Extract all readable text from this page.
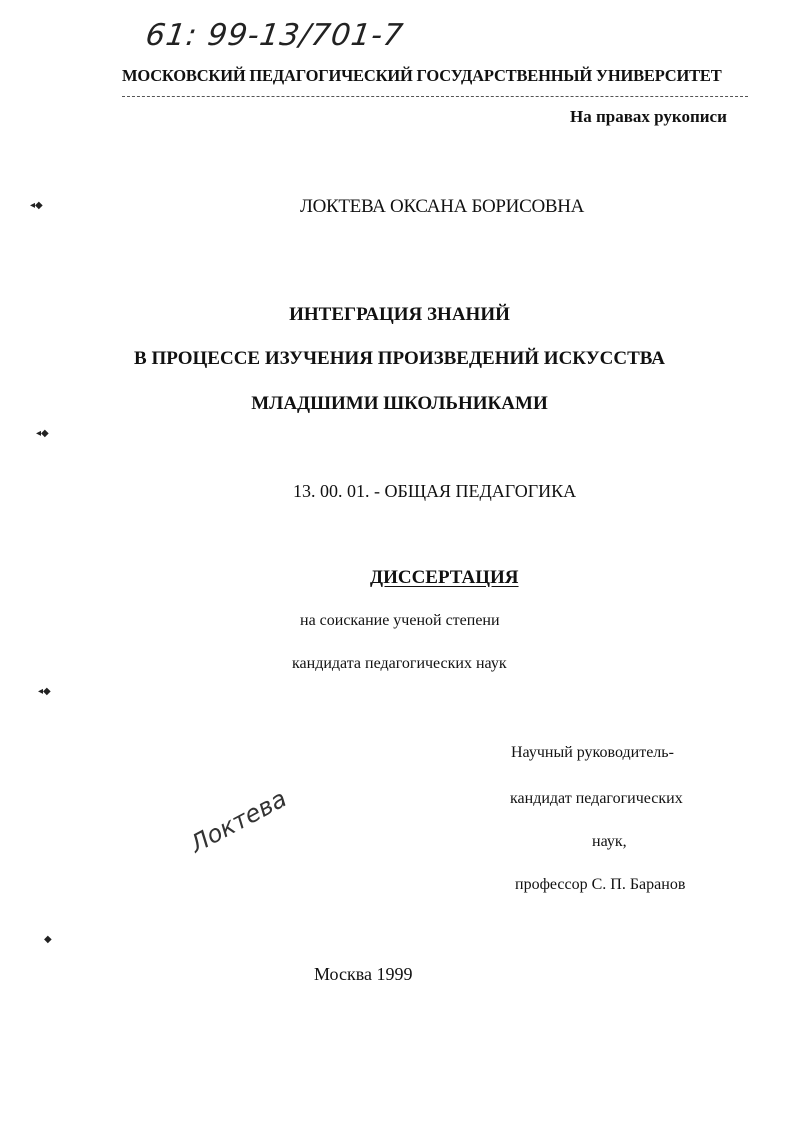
61: 99-13/701-7
МОСКОВСКИЙ ПЕДАГОГИЧЕСКИЙ ГОСУДАРСТВЕННЫЙ УНИВЕРСИТЕТ
На правах рукописи
◂◆
◂◆
◂◆
◆
ЛОКТЕВА ОКСАНА БОРИСОВНА
ИНТЕГРАЦИЯ ЗНАНИЙ
В ПРОЦЕССЕ ИЗУЧЕНИЯ ПРОИЗВЕДЕНИЙ ИСКУССТВА
МЛАДШИМИ ШКОЛЬНИКАМИ
13. 00. 01. - ОБЩАЯ ПЕДАГОГИКА
ДИССЕРТАЦИЯ
на соискание ученой степени
кандидата педагогических наук
Научный руководитель-
кандидат педагогических
наук,
профессор С. П. Баранов
Локтева
Москва 1999
